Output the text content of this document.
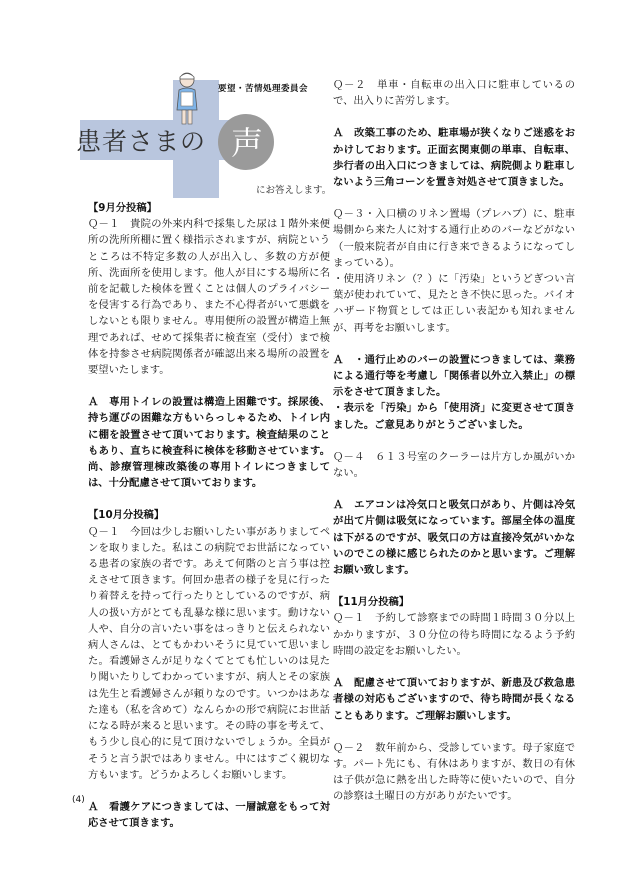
要望・苦情処理委員会
患者さまの 声
にお答えします。

【9月分投稿】

Ｑ－１　貴院の外来内科で採集した尿は１階外来便所の洗所所棚に置く様指示されますが、病院というところは不特定多数の人が出入し、多数の方が便所、洗面所を使用します。他人が目にする場所に名前を記載した検体を置くことは個人のプライバシーを侵害する行為であり、また不心得者がいて悪戯をしないとも限りません。専用便所の設置が構造上無理であれば、せめて採集者に検査室（受付）まで検体を持参させ病院関係者が確認出来る場所の設置を要望いたします。

Ａ　専用トイレの設置は構造上困難です。採尿後、持ち運びの困難な方もいらっしゃるため、トイレ内に棚を設置させて頂いております。検査結果のこともあり、直ちに検査科に検体を移動させています。尚、診療管理棟改築後の専用トイレにつきましては、十分配慮させて頂いております。

【10月分投稿】

Ｑ－１　今回は少しお願いしたい事がありましてペンを取りました。私はこの病院でお世話になっている患者の家族の者です。あえて何階のと言う事は控えさせて頂きます。何回か患者の様子を見に行ったり着替えを持って行ったりとしているのですが、病人の扱い方がとても乱暴な様に思います。動けない人や、自分の言いたい事をはっきりと伝えられない病人さんは、とてもかわいそうに見ていて思いました。看護婦さんが足りなくてとても忙しいのは見たり聞いたりしてわかっていますが、病人とその家族は先生と看護婦さんが頼りなのです。いつかはあなた達も（私を含めて）なんらかの形で病院にお世話になる時が来ると思います。その時の事を考えて、もう少し良心的に見て頂けないでしょうか。全員がそうと言う訳ではありません。中にはすごく親切な方もいます。どうかよろしくお願いします。

Ａ　看護ケアにつきましては、一層誠意をもって対応させて頂きます。

Ｑ－２　単車・自転車の出入口に駐車しているので、出入りに苦労します。

Ａ　改築工事のため、駐車場が狭くなりご迷惑をおかけしております。正面玄関東側の単車、自転車、歩行者の出入口につきましては、病院側より駐車しないよう三角コーンを置き対処させて頂きました。

Ｑ－３・入口横のリネン置場（プレハブ）に、駐車場側から来た人に対する通行止めのバーなどがない（一般来院者が自由に行き来できるようになってしまっている）。

・使用済リネン（？）に「汚染」というどぎつい言葉が使われていて、見たとき不快に思った。バイオハザード物質としては正しい表記かも知れませんが、再考をお願いします。

Ａ　・通行止めのバーの設置につきましては、業務による通行等を考慮し「関係者以外立入禁止」の標示をさせて頂きました。

・表示を「汚染」から「使用済」に変更させて頂きました。ご意見ありがとうございました。

Ｑ－４　６１３号室のクーラーは片方しか風がいかない。

Ａ　エアコンは冷気口と吸気口があり、片側は冷気が出て片側は吸気になっています。部屋全体の温度は下がるのですが、吸気口の方は直接冷気がいかないのでこの様に感じられたのかと思います。ご理解お願い致します。

【11月分投稿】

Ｑ－１　予約して診察までの時間１時間３０分以上かかりますが、３０分位の待ち時間になるよう予約時間の設定をお願いしたい。

Ａ　配慮させて頂いておりますが、新患及び救急患者様の対応もございますので、待ち時間が長くなることもあります。ご理解お願いします。

Ｑ－２　数年前から、受診しています。母子家庭です。パート先にも、有休はありますが、数日の有休は子供が急に熱を出した時等に使いたいので、自分の診察は土曜日の方がありがたいです。

(4)
